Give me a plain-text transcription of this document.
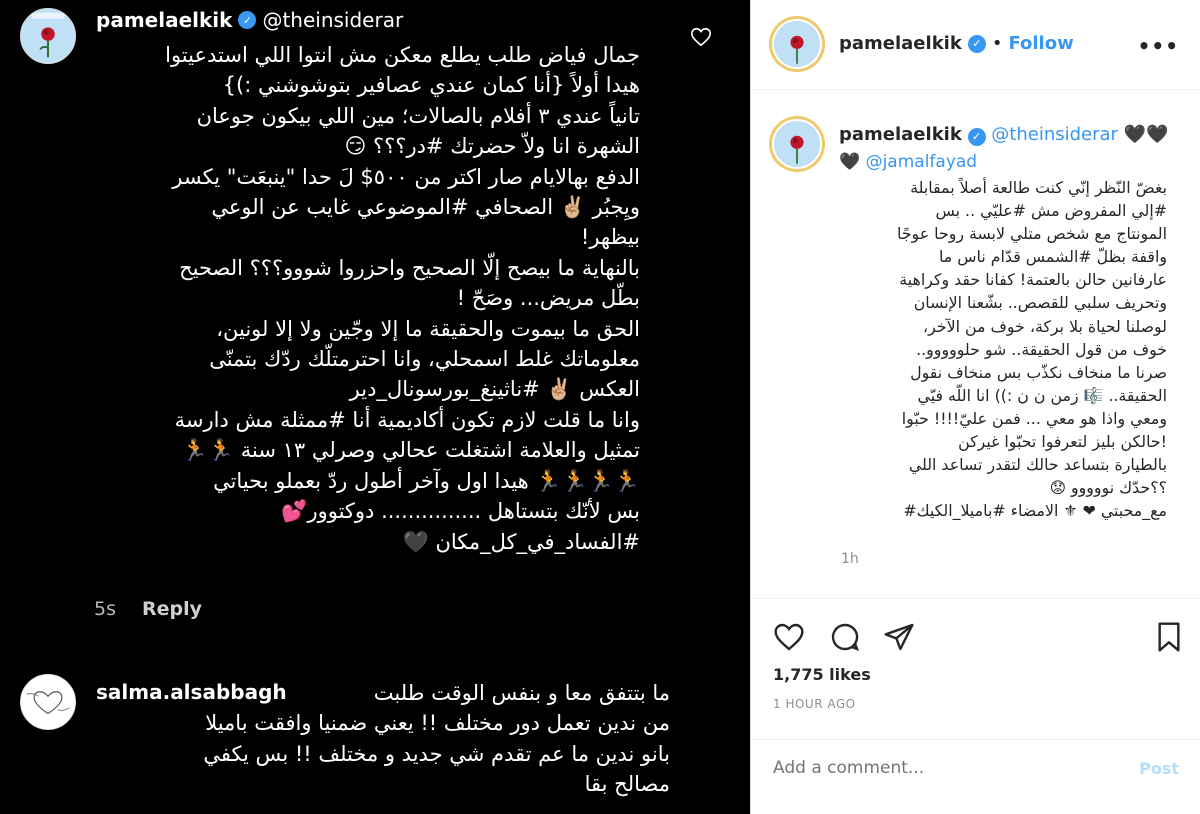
pamelaelkik ✓ @theinsiderar
جمال فياض طلب يطلع معكن مش انتوا اللي استدعيتوا
هيدا أولاً {أنا كمان عندي عصافير بتوشوشني :)}
تانياً عندي ٣ أفلام بالصالات؛ مين اللي بيكون جوعان
الشهرة انا ولاّ حضرتك #در؟؟؟ 😏
الدفع بهالايام صار اكتر من ٥٠٠$ لَ حدا "ينبعَت" يكسر
ويِجبُر ✌🏼 الصحافي #الموضوعي غايب عن الوعي
بيظهر!
بالنهاية ما بيصح إلّا الصحيح واحزروا شووو؟؟؟ الصحيح
بطّل مريض... وصَحّ !
الحق ما بيموت والحقيقة ما إلا وجّين ولا إلا لونين،
معلوماتك غلط اسمحلي، وانا احترمتلّك ردّك بتمنّى
العكس ✌🏼 #ناثينغ_بورسونال_دير
وانا ما قلت لازم تكون أكاديمية أنا #ممثلة مش دارسة
تمثيل والعلامة اشتغلت عحالي وصرلي ١٣ سنة 🏃🏃
🏃🏃🏃🏃 هيدا اول وآخر أطول ردّ بعملو بحياتي
بس لأنّك بتستاهل ............... دوكتوور💕
#الفساد_في_كل_مكان 🖤
5s Reply
ما بتتفق معا و بنفس الوقت طلبت
من ندين تعمل دور مختلف !! يعني ضمنيا وافقت باميلا
بانو ندين ما عم تقدم شي جديد و مختلف !! بس يكفي
مصالح بقا
salma.alsabbagh
pamelaelkik ✓ • Follow	•••
pamelaelkik ✓ @theinsiderar 🖤🖤
🖤 @jamalfayad
بغضّ النّظر إنّي كنت طالعة أصلاً بمقابلة
#إلي المفروض مش #عليّي .. بس
المونتاج مع شخص متلي لابسة روحا عوجًا
واقفة بظلّ #الشمس قدّام ناس ما
عارفانين حالن بالعتمة! كفانا حقد وكراهية
وتحريف سلبي للقصص.. بشّعنا الإنسان
لوصلنا لحياة بلا بركة، خوف من الآخر،
خوف من قول الحقيقة.. شو حلووووو..
صرنا ما منخاف نكذّب بس منخاف نقول
الحقيقة.. 🎼 زمن ن ن :)) انا اللّه فيّي
ومعي واذا هو معي ... فمن عليّ!!!! حبّوا
!حالكن بليز لتعرفوا تحبّوا غيركن
بالطيارة بتساعد حالك لتقدر تساعد اللي
؟؟حدّك نووووو 😟
مع_محبتي ❤ ⚜ الامضاء #باميلا_الكيك#
1h
1,775 likes
1 HOUR AGO
Add a comment...
Post
